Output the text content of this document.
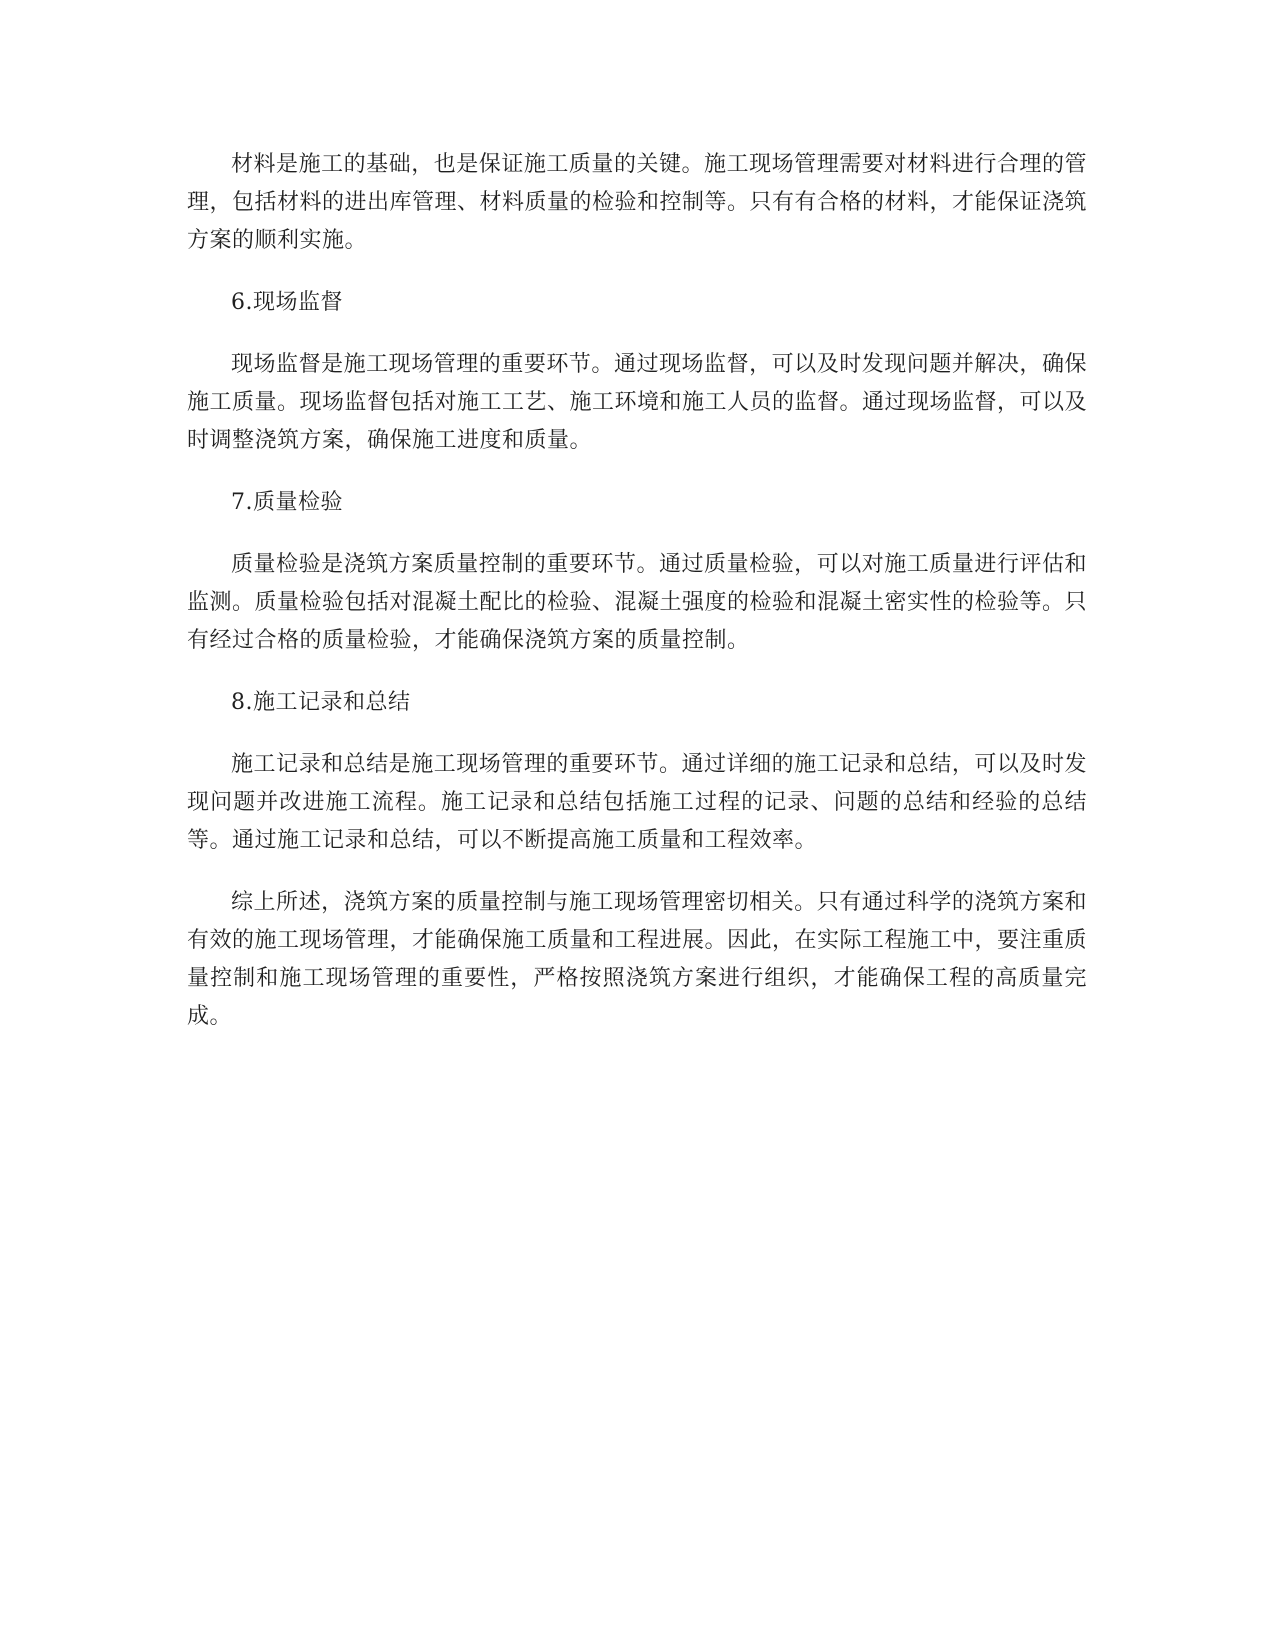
材料是施工的基础，也是保证施工质量的关键。施工现场管理需要对材料进行合理的管理，包括材料的进出库管理、材料质量的检验和控制等。只有有合格的材料，才能保证浇筑方案的顺利实施。

6.现场监督

现场监督是施工现场管理的重要环节。通过现场监督，可以及时发现问题并解决，确保施工质量。现场监督包括对施工工艺、施工环境和施工人员的监督。通过现场监督，可以及时调整浇筑方案，确保施工进度和质量。

7.质量检验

质量检验是浇筑方案质量控制的重要环节。通过质量检验，可以对施工质量进行评估和监测。质量检验包括对混凝土配比的检验、混凝土强度的检验和混凝土密实性的检验等。只有经过合格的质量检验，才能确保浇筑方案的质量控制。

8.施工记录和总结

施工记录和总结是施工现场管理的重要环节。通过详细的施工记录和总结，可以及时发现问题并改进施工流程。施工记录和总结包括施工过程的记录、问题的总结和经验的总结等。通过施工记录和总结，可以不断提高施工质量和工程效率。

综上所述，浇筑方案的质量控制与施工现场管理密切相关。只有通过科学的浇筑方案和有效的施工现场管理，才能确保施工质量和工程进展。因此，在实际工程施工中，要注重质量控制和施工现场管理的重要性，严格按照浇筑方案进行组织，才能确保工程的高质量完成。
